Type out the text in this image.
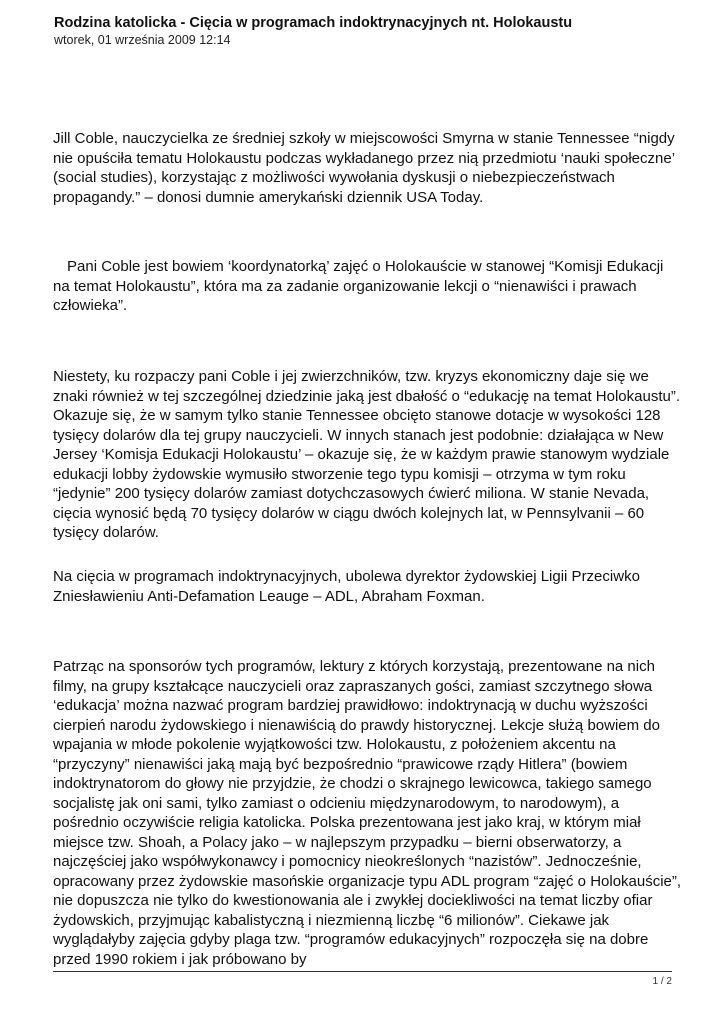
Rodzina katolicka - Cięcia w programach indoktrynacyjnych nt. Holokaustu
wtorek, 01 września 2009 12:14

Jill Coble, nauczycielka ze średniej szkoły w miejscowości Smyrna w stanie Tennessee “nigdy nie opuściła tematu Holokaustu podczas wykładanego przez nią przedmiotu ‘nauki społeczne’ (social studies), korzystając z możliwości wywołania dyskusji o niebezpieczeństwach propagandy.” – donosi dumnie amerykański dziennik USA Today.

Pani Coble jest bowiem ‘koordynatorką’ zajęć o Holokauście w stanowej “Komisji Edukacji na temat Holokaustu”, która ma za zadanie organizowanie lekcji o “nienawiści i prawach człowieka”.

Niestety, ku rozpaczy pani Coble i jej zwierzchników, tzw. kryzys ekonomiczny daje się we znaki również w tej szczególnej dziedzinie jaką jest dbałość o “edukację na temat Holokaustu”. Okazuje się, że w samym tylko stanie Tennessee obcięto stanowe dotacje w wysokości 128 tysięcy dolarów dla tej grupy nauczycieli. W innych stanach jest podobnie: działająca w New Jersey ‘Komisja Edukacji Holokaustu’ – okazuje się, że w każdym prawie stanowym wydziale edukacji lobby żydowskie wymusiło stworzenie tego typu komisji – otrzyma w tym roku “jedynie” 200 tysięcy dolarów zamiast dotychczasowych ćwierć miliona. W stanie Nevada, cięcia wynosić będą 70 tysięcy dolarów w ciągu dwóch kolejnych lat, w Pennsylvanii – 60 tysięcy dolarów.

Na cięcia w programach indoktrynacyjnych, ubolewa dyrektor żydowskiej Ligii Przeciwko Zniesławieniu Anti-Defamation Leauge – ADL, Abraham Foxman.

Patrząc na sponsorów tych programów, lektury z których korzystają, prezentowane na nich filmy, na grupy kształcące nauczycieli oraz zapraszanych gości, zamiast szczytnego słowa ‘edukacja’ można nazwać program bardziej prawidłowo: indoktrynacją w duchu wyższości cierpień narodu żydowskiego i nienawiścią do prawdy historycznej. Lekcje służą bowiem do wpajania w młode pokolenie wyjątkowości tzw. Holokaustu, z położeniem akcentu na “przyczyny” nienawiści jaką mają być bezpośrednio “prawicowe rządy Hitlera” (bowiem indoktrynatorom do głowy nie przyjdzie, że chodzi o skrajnego lewicowca, takiego samego socjalistę jak oni sami, tylko zamiast o odcieniu międzynarodowym, to narodowym), a pośrednio oczywiście religia katolicka. Polska prezentowana jest jako kraj, w którym miał miejsce tzw. Shoah, a Polacy jako – w najlepszym przypadku – bierni obserwatorzy, a najczęściej jako współwykonawcy i pomocnicy nieokreślonych “nazistów”. Jednocześnie, opracowany przez żydowskie masońskie organizacje typu ADL program “zajęć o Holokauście”, nie dopuszcza nie tylko do kwestionowania ale i zwykłej dociekliwości na temat liczby ofiar żydowskich, przyjmując kabalistyczną i niezmienną liczbę “6 milionów”. Ciekawe jak wyglądałyby zajęcia gdyby plaga tzw. “programów edukacyjnych” rozpoczęła się na dobre przed 1990 rokiem i jak próbowano by

1 / 2
